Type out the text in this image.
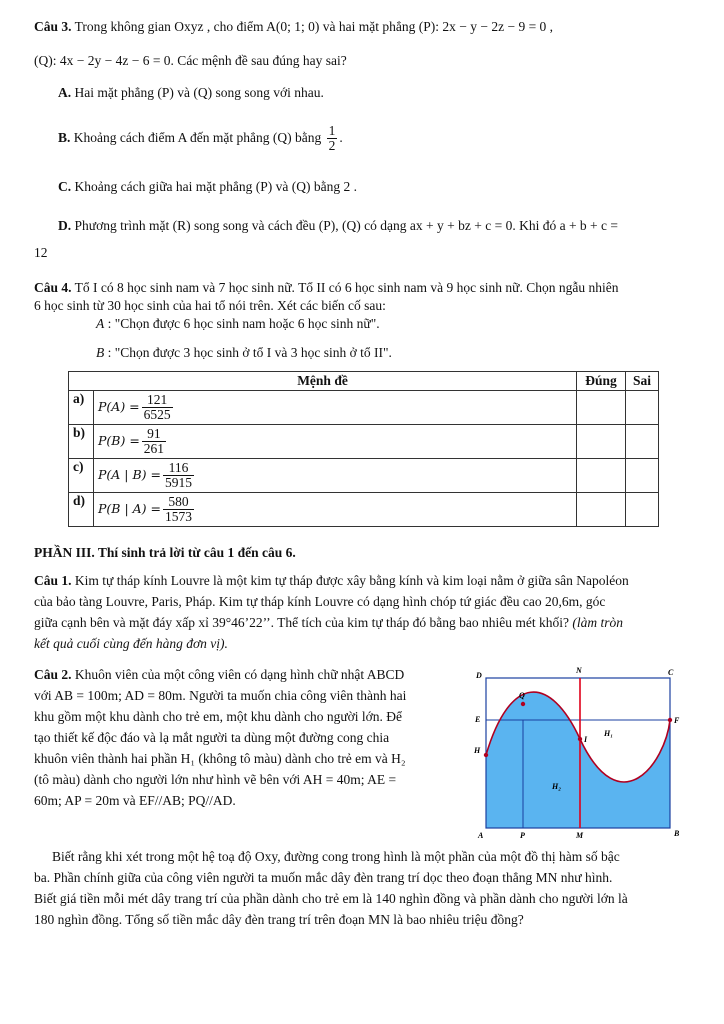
Câu 3. Trong không gian Oxyz , cho điểm A(0; 1; 0) và hai mặt phẳng (P): 2x − y − 2z − 9 = 0 ,
(Q): 4x − 2y − 4z − 6 = 0. Các mệnh đề sau đúng hay sai?
A. Hai mặt phẳng (P) và (Q) song song với nhau.
B. Khoảng cách điểm A đến mặt phẳng (Q) bằng $\frac{1}{2}$ .
C. Khoảng cách giữa hai mặt phẳng (P) và (Q) bằng 2 .
D. Phương trình mặt (R) song song và cách đều (P), (Q) có dạng ax + y + bz + c = 0. Khi đó a + b + c =
12
Câu 4. Tổ I có 8 học sinh nam và 7 học sinh nữ. Tổ II có 6 học sinh nam và 9 học sinh nữ. Chọn ngẫu nhiên
6 học sinh từ 30 học sinh của hai tổ nói trên. Xét các biến cố sau:
A : "Chọn được 6 học sinh nam hoặc 6 học sinh nữ".
B : "Chọn được 3 học sinh ở tổ I và 3 học sinh ở tổ II".
Mệnh đề		Đúng	Sai
a)	$P(A) = \frac{121}{6525}$

b)	$P(B) = \frac{91}{261}$

c)	P(A | $B) = \frac{116}{5915}$

d)	P(B | $A) = \frac{580}{1573}$

PHẦN III. Thí sinh trả lời từ câu 1 đến câu 6.
Câu 1. Kim tự tháp kính Louvre là một kim tự tháp được xây bằng kính và kim loại nằm ở giữa sân Napoléon
của bảo tàng Louvre, Paris, Pháp. Kim tự tháp kính Louvre có dạng hình chóp tứ giác đều cao 20,6m, góc
giữa cạnh bên và mặt đáy xấp xỉ 39°46’22’’. Thể tích của kim tự tháp đó bằng bao nhiêu mét khối? (làm tròn
kết quả cuối cùng đến hàng đơn vị).
Câu 2. Khuôn viên của một công viên có dạng hình chữ nhật ABCD
với AB = 100m; AD = 80m. Người ta muốn chia công viên thành hai
khu gồm một khu dành cho trẻ em, một khu dành cho người lớn. Để
tạo thiết kế độc đáo và lạ mắt người ta dùng một đường cong chia
khuôn viên thành hai phần H₁ (không tô màu) dành cho trẻ em và H₂
(tô màu) dành cho người lớn như hình vẽ bên với AH = 40m; AE =
60m; AP = 20m và EF//AB; PQ//AD.
D
N	C
E
Q
F
H₁
H
I
H₂
A	P	M	B
Biết rằng khi xét trong một hệ toạ độ Oxy, đường cong trong hình là một phần của một đồ thị hàm số bậc
ba. Phần chính giữa của công viên người ta muốn mắc dây đèn trang trí dọc theo đoạn thẳng MN như hình.
Biết giá tiền mỗi mét dây trang trí của phần dành cho trẻ em là 140 nghìn đồng và phần dành cho người lớn là
180 nghìn đồng. Tổng số tiền mắc dây đèn trang trí trên đoạn MN là bao nhiêu triệu đồng?
